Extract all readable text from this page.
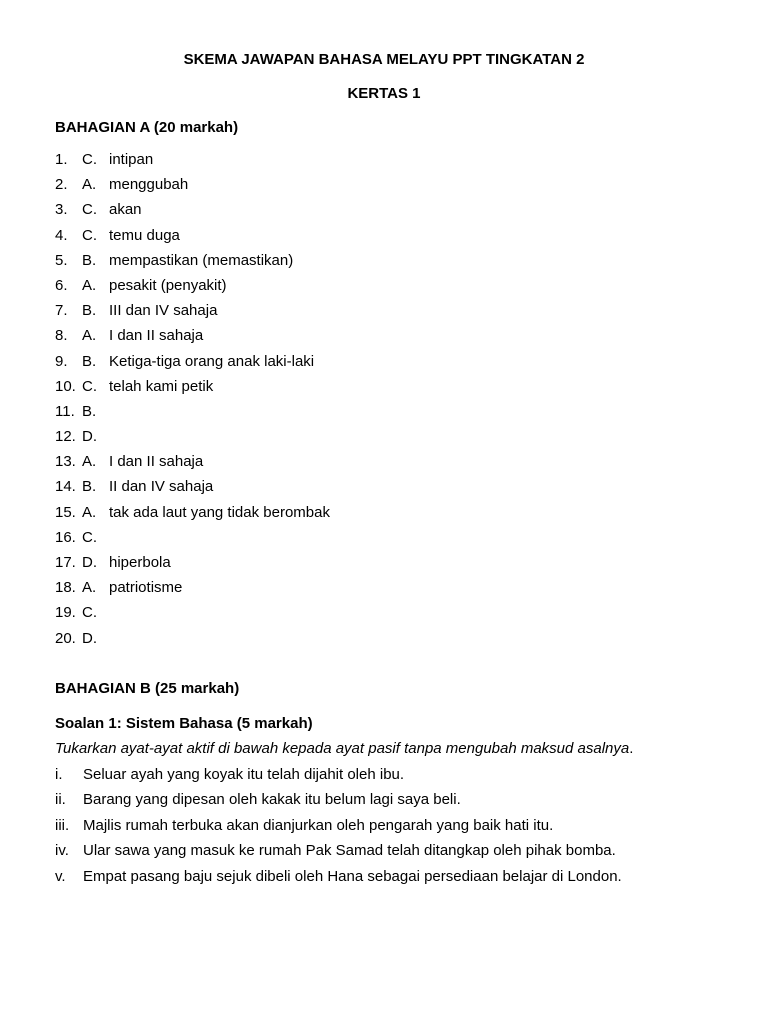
SKEMA JAWAPAN BAHASA MELAYU PPT TINGKATAN 2
KERTAS 1
BAHAGIAN A (20 markah)
1. C. intipan
2. A. menggubah
3. C. akan
4. C. temu duga
5. B. mempastikan (memastikan)
6. A. pesakit (penyakit)
7. B. III dan IV sahaja
8. A. I dan II sahaja
9. B. Ketiga-tiga orang anak laki-laki
10. C. telah kami petik
11. B.
12. D.
13. A. I dan II sahaja
14. B. II dan IV sahaja
15. A. tak ada laut yang tidak berombak
16. C.
17. D. hiperbola
18. A. patriotisme
19. C.
20. D.
BAHAGIAN B (25 markah)
Soalan 1: Sistem Bahasa (5 markah)
Tukarkan ayat-ayat aktif di bawah kepada ayat pasif tanpa mengubah maksud asalnya.
i. Seluar ayah yang koyak itu telah dijahit oleh ibu.
ii. Barang yang dipesan oleh kakak itu belum lagi saya beli.
iii. Majlis rumah terbuka akan dianjurkan oleh pengarah yang baik hati itu.
iv. Ular sawa yang masuk ke rumah Pak Samad telah ditangkap oleh pihak bomba.
v. Empat pasang baju sejuk dibeli oleh Hana sebagai persediaan belajar di London.
